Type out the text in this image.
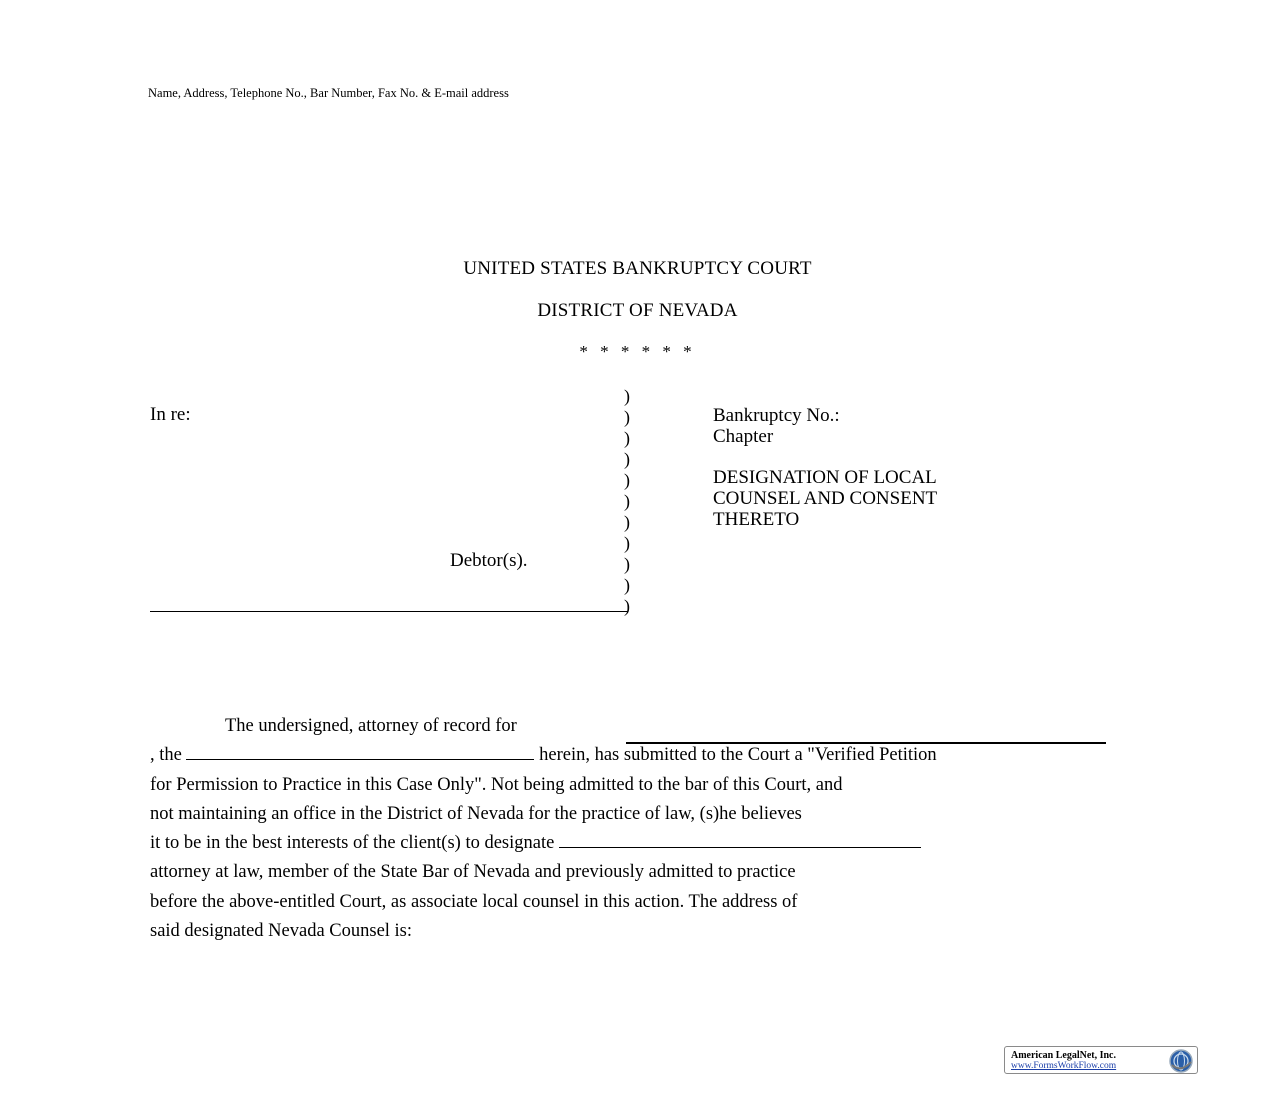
Name, Address, Telephone No., Bar Number, Fax No. & E-mail address
UNITED STATES BANKRUPTCY COURT
DISTRICT OF NEVADA
* * * * * *
In re:
Debtor(s).
)
)
)
)
)
)
)
)
)
)
)
Bankruptcy No.:
Chapter
DESIGNATION OF LOCAL
COUNSEL AND CONSENT
THERETO
The undersigned, attorney of record for
, the	herein, has submitted to the Court a "Verified Petition
for Permission to Practice in this Case Only". Not being admitted to the bar of this Court, and
not maintaining an office in the District of Nevada for the practice of law, (s)he believes
it to be in the best interests of the client(s) to designate
attorney at law, member of the State Bar of Nevada and previously admitted to practice
before the above-entitled Court, as associate local counsel in this action. The address of
said designated Nevada Counsel is:
American LegalNet, Inc.
www.FormsWorkFlow.com
